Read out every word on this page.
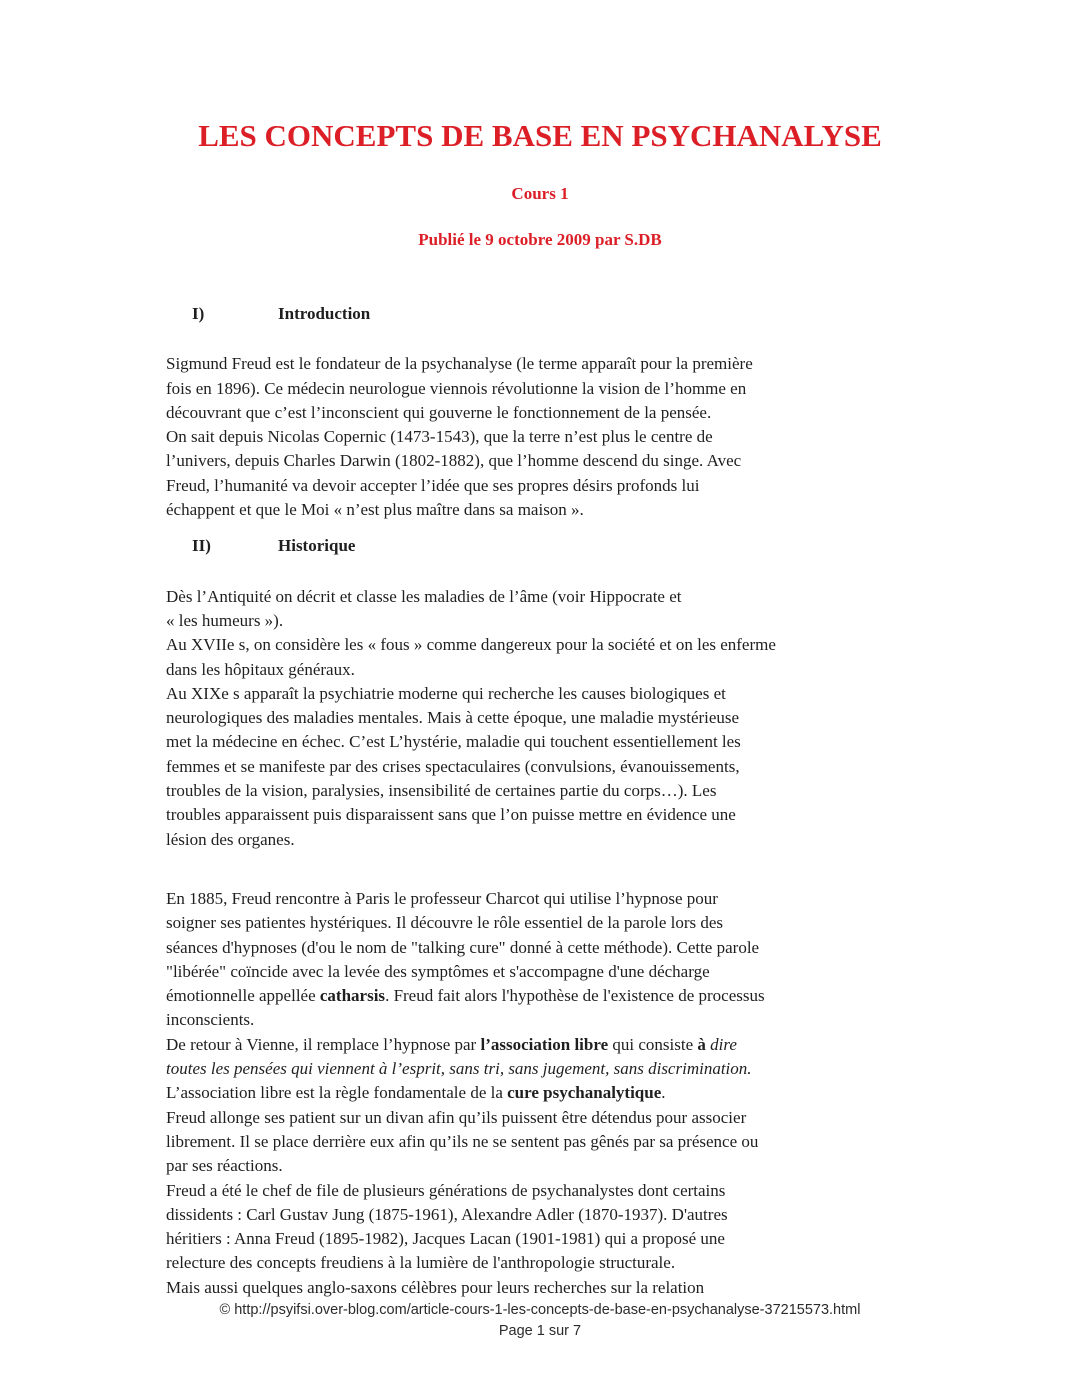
LES CONCEPTS DE BASE EN PSYCHANALYSE
Cours 1
Publié le 9 octobre 2009 par S.DB
I)	Introduction
Sigmund Freud est le fondateur de la psychanalyse (le terme apparaît pour la première
fois en 1896). Ce médecin neurologue viennois révolutionne la vision de l’homme en
découvrant que c’est l’inconscient qui gouverne le fonctionnement de la pensée.
On sait depuis Nicolas Copernic (1473-1543), que la terre n’est plus le centre de
l’univers, depuis Charles Darwin (1802-1882), que l’homme descend du singe. Avec
Freud, l’humanité va devoir accepter l’idée que ses propres désirs profonds lui
échappent et que le Moi « n’est plus maître dans sa maison ».
II)	Historique
Dès l’Antiquité on décrit et classe les maladies de l’âme (voir Hippocrate et
« les humeurs »).
Au XVIIe s, on considère les « fous » comme dangereux pour la société et on les enferme
dans les hôpitaux généraux.
Au XIXe s apparaît la psychiatrie moderne qui recherche les causes biologiques et
neurologiques des maladies mentales. Mais à cette époque, une maladie mystérieuse
met la médecine en échec. C’est L’hystérie, maladie qui touchent essentiellement les
femmes et se manifeste par des crises spectaculaires (convulsions, évanouissements,
troubles de la vision, paralysies, insensibilité de certaines partie du corps…). Les
troubles apparaissent puis disparaissent sans que l’on puisse mettre en évidence une
lésion des organes.
En 1885, Freud rencontre à Paris le professeur Charcot qui utilise l’hypnose pour
soigner ses patientes hystériques. Il découvre le rôle essentiel de la parole lors des
séances d'hypnoses (d'ou le nom de "talking cure" donné à cette méthode). Cette parole
"libérée" coïncide avec la levée des symptômes et s'accompagne d'une décharge
émotionnelle appellée catharsis. Freud fait alors l'hypothèse de l'existence de processus
inconscients.
De retour à Vienne, il remplace l’hypnose par l’association libre qui consiste à dire
toutes les pensées qui viennent à l’esprit, sans tri, sans jugement, sans discrimination.
L’association libre est la règle fondamentale de la cure psychanalytique.
Freud allonge ses patient sur un divan afin qu’ils puissent être détendus pour associer
librement. Il se place derrière eux afin qu’ils ne se sentent pas gênés par sa présence ou
par ses réactions.
Freud a été le chef de file de plusieurs générations de psychanalystes dont certains
dissidents : Carl Gustav Jung (1875-1961), Alexandre Adler (1870-1937). D'autres
héritiers : Anna Freud (1895-1982), Jacques Lacan (1901-1981) qui a proposé une
relecture des concepts freudiens à la lumière de l'anthropologie structurale.
Mais aussi quelques anglo-saxons célèbres pour leurs recherches sur la relation
© http://psyifsi.over-blog.com/article-cours-1-les-concepts-de-base-en-psychanalyse-37215573.html
Page 1 sur 7
